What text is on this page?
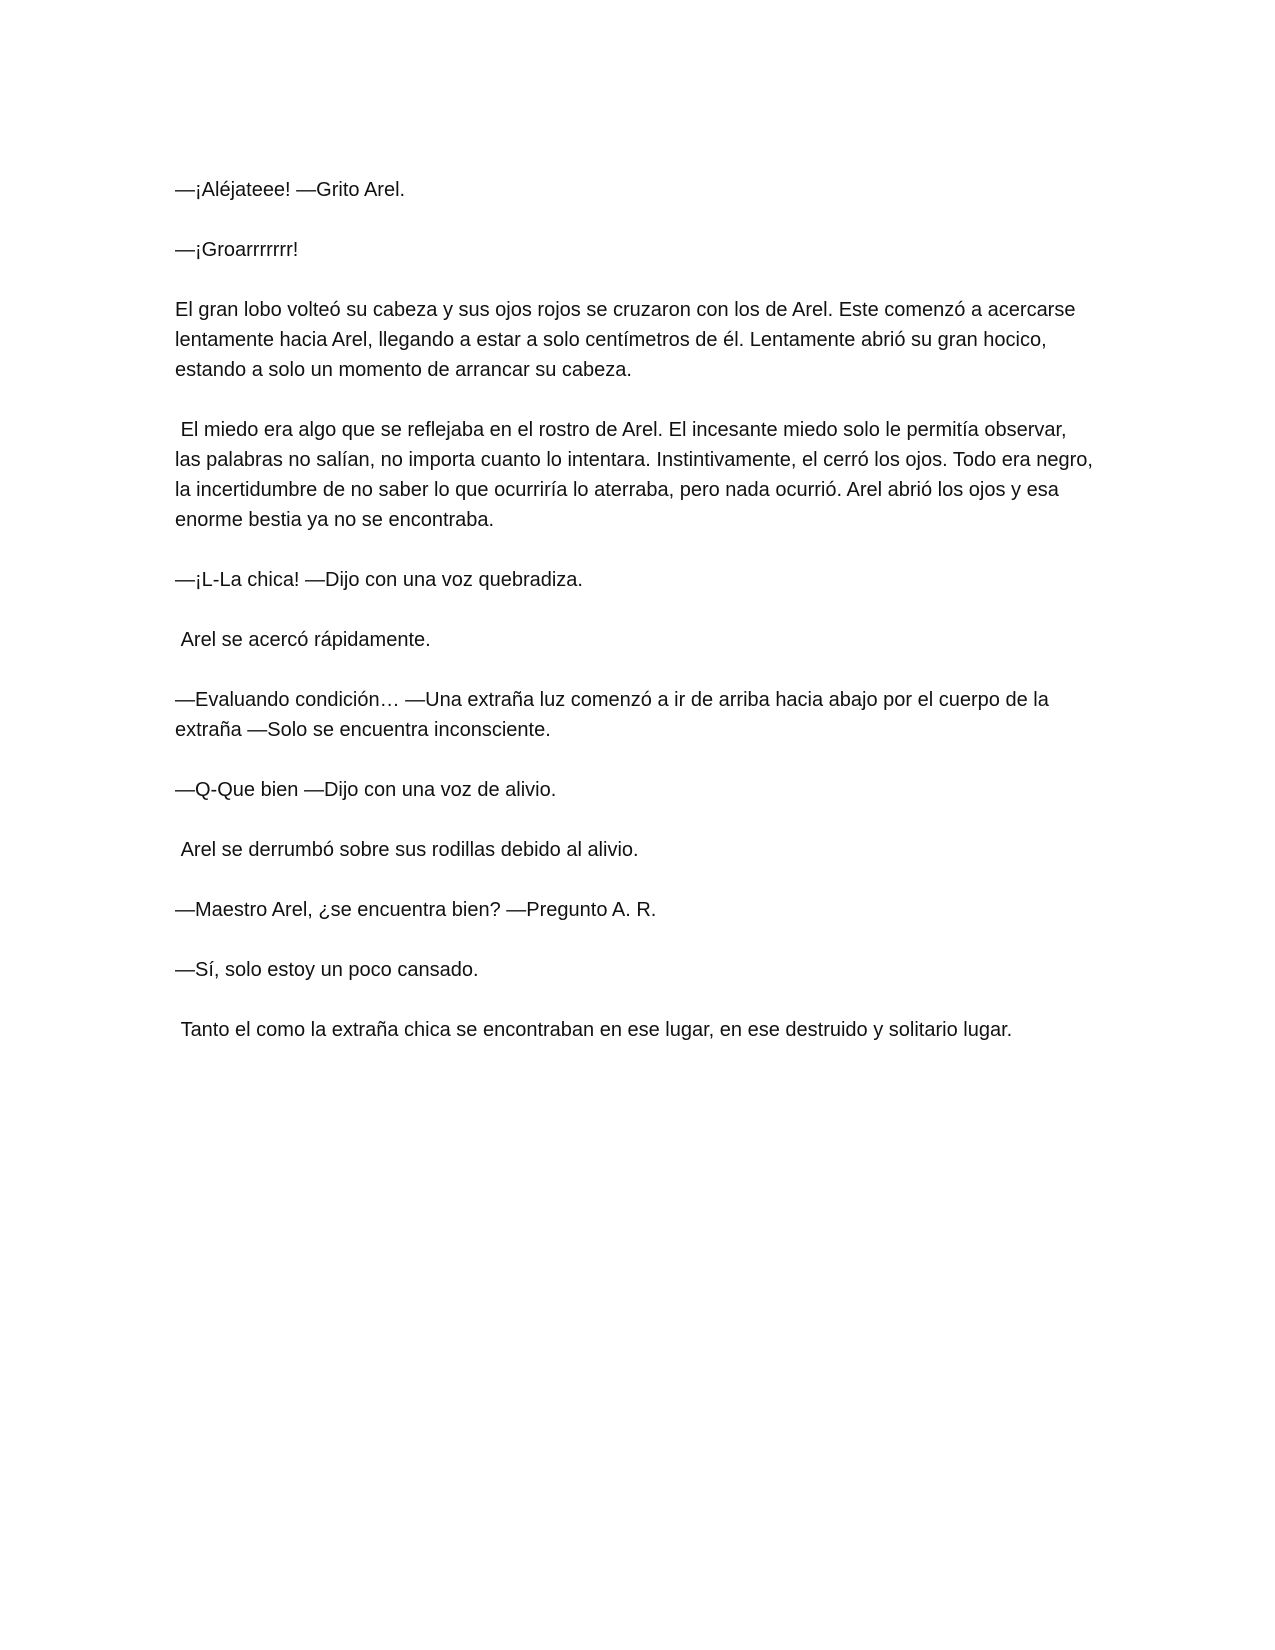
—¡Aléjateee! —Grito Arel.

—¡Groarrrrrrr!

El gran lobo volteó su cabeza y sus ojos rojos se cruzaron con los de Arel. Este comenzó a acercarse lentamente hacia Arel, llegando a estar a solo centímetros de él. Lentamente abrió su gran hocico, estando a solo un momento de arrancar su cabeza.

El miedo era algo que se reflejaba en el rostro de Arel. El incesante miedo solo le permitía observar, las palabras no salían, no importa cuanto lo intentara. Instintivamente, el cerró los ojos. Todo era negro, la incertidumbre de no saber lo que ocurriría lo aterraba, pero nada ocurrió. Arel abrió los ojos y esa enorme bestia ya no se encontraba.

—¡L-La chica! —Dijo con una voz quebradiza.

Arel se acercó rápidamente.

—Evaluando condición… —Una extraña luz comenzó a ir de arriba hacia abajo por el cuerpo de la extraña —Solo se encuentra inconsciente.

—Q-Que bien —Dijo con una voz de alivio.

Arel se derrumbó sobre sus rodillas debido al alivio.

—Maestro Arel, ¿se encuentra bien? —Pregunto A. R.

—Sí, solo estoy un poco cansado.

Tanto el como la extraña chica se encontraban en ese lugar, en ese destruido y solitario lugar.
